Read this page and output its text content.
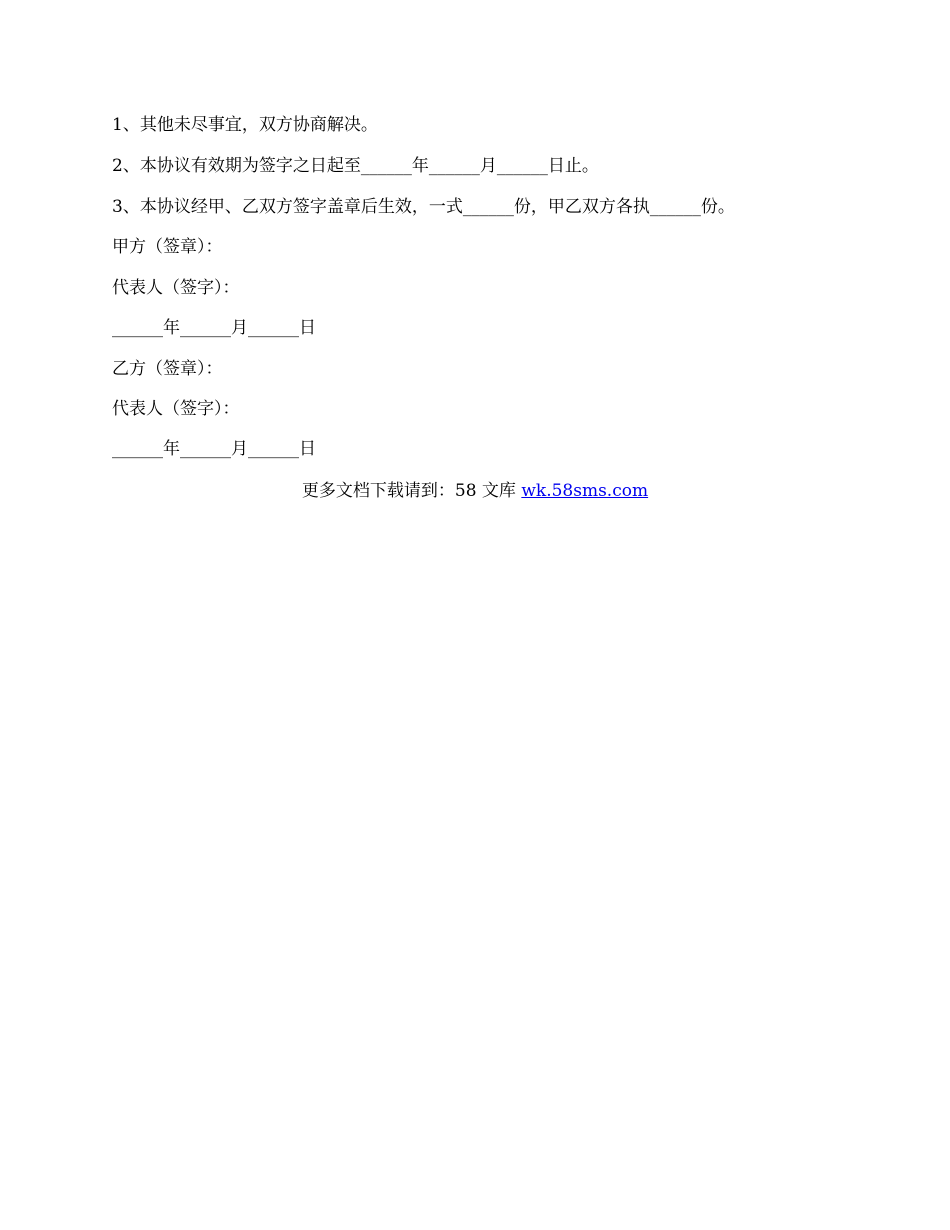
1、其他未尽事宜，双方协商解决。
2、本协议有效期为签字之日起至______年______月______日止。
3、本协议经甲、乙双方签字盖章后生效，一式______份，甲乙双方各执______份。
甲方（签章）：
代表人（签字）：
______年______月______日
乙方（签章）：
代表人（签字）：
______年______月______日
更多文档下载请到：58 文库 wk.58sms.com
